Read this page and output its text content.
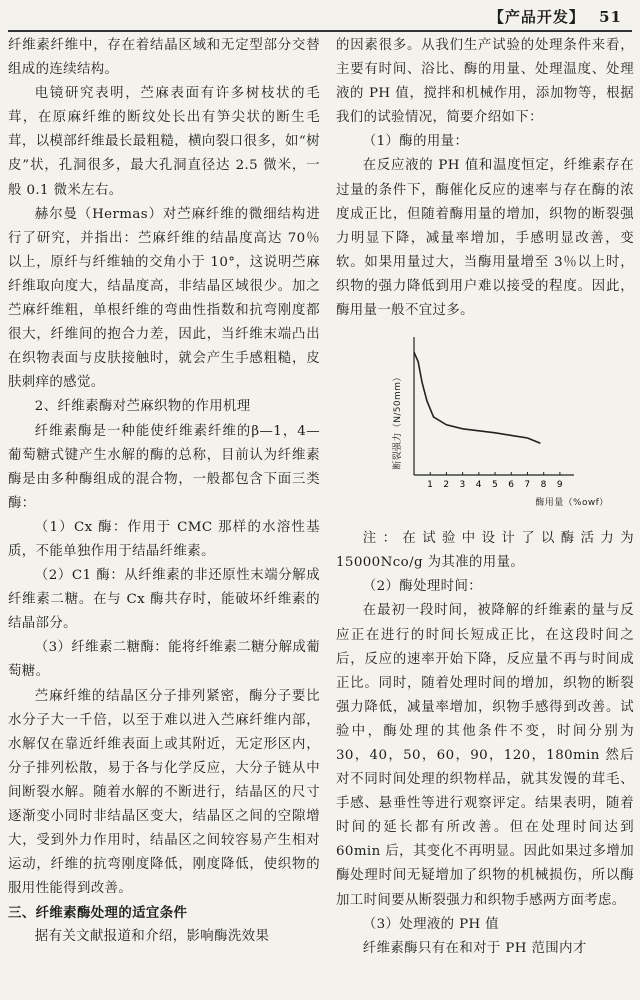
【产品开发】 51

纤维素纤维中，存在着结晶区域和无定型部分交替组成的连续结构。

电镜研究表明，苎麻表面有许多树枝状的毛茸，在原麻纤维的断纹处长出有笋尖状的断生毛茸，以模部纤维最长最粗糙，横向裂口很多，如“树皮”状，孔洞很多，最大孔洞直径达 2.5 微米，一般 0.1 微米左右。

赫尔曼（Hermas）对苎麻纤维的微细结构进行了研究，并指出：苎麻纤维的结晶度高达 70％以上，原纤与纤维轴的交角小于 10°，这说明苎麻纤维取向度大，结晶度高，非结晶区域很少。加之苎麻纤维粗，单根纤维的弯曲性指数和抗弯刚度都很大，纤维间的抱合力差，因此，当纤维末端凸出在织物表面与皮肤接触时，就会产生手感粗糙，皮肤刺痒的感觉。

2、纤维素酶对苎麻织物的作用机理

纤维素酶是一种能使纤维素纤维的β—1，4—葡萄糖式键产生水解的酶的总称，目前认为纤维素酶是由多种酶组成的混合物，一般都包含下面三类酶：

（1）Cx 酶：作用于 CMC 那样的水溶性基质，不能单独作用于结晶纤维素。

（2）C1 酶：从纤维素的非还原性末端分解成纤维素二糖。在与 Cx 酶共存时，能破坏纤维素的结晶部分。

（3）纤维素二糖酶：能将纤维素二糖分解成葡萄糖。

苎麻纤维的结晶区分子排列紧密，酶分子要比水分子大一千倍，以至于难以进入苎麻纤维内部，水解仅在靠近纤维表面上或其附近，无定形区内，分子排列松散，易于各与化学反应，大分子链从中间断裂水解。随着水解的不断进行，结晶区的尺寸逐渐变小同时非结晶区变大，结晶区之间的空隙增大，受到外力作用时，结晶区之间较容易产生相对运动，纤维的抗弯刚度降低，刚度降低，使织物的服用性能得到改善。

三、纤维素酶处理的适宜条件

据有关文献报道和介绍，影响酶洗效果

的因素很多。从我们生产试验的处理条件来看，主要有时间、浴比、酶的用量、处理温度、处理液的 PH 值，搅拌和机械作用，添加物等，根据我们的试验情况，简要介绍如下：

（1）酶的用量：

在反应液的 PH 值和温度恒定，纤维素存在过量的条件下，酶催化反应的速率与存在酶的浓度成正比，但随着酶用量的增加，织物的断裂强力明显下降，减量率增加，手感明显改善，变软。如果用量过大，当酶用量增至 3％以上时，织物的强力降低到用户难以接受的程度。因此，酶用量一般不宜过多。

1 2 3 4 5 6 7 8 9
断裂强力（N/50mm）
酶用量（%owf）

注：在试验中设计了以酶活力为 15000Nco/g 为其准的用量。

（2）酶处理时间：

在最初一段时间，被降解的纤维素的量与反应正在进行的时间长短成正比，在这段时间之后，反应的速率开始下降，反应量不再与时间成正比。同时，随着处理时间的增加，织物的断裂强力降低，减量率增加，织物手感得到改善。试验中，酶处理的其他条件不变，时间分别为 30，40，50，60，90，120，180min 然后对不同时间处理的织物样品，就其发馒的茸毛、手感、悬垂性等进行观察评定。结果表明，随着时间的延长都有所改善。但在处理时间达到 60min 后，其变化不再明显。因此如果过多增加酶处理时间无疑增加了织物的机械损伤，所以酶加工时间要从断裂强力和织物手感两方面考虑。

（3）处理液的 PH 值

纤维素酶只有在和对于 PH 范围内才
